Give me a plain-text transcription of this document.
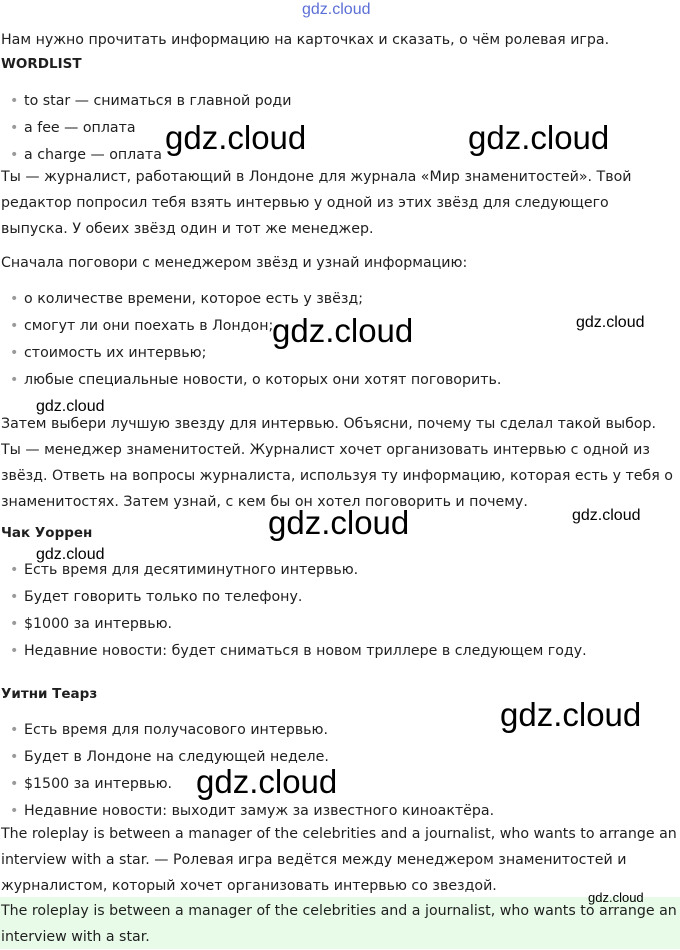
gdz.cloud

Нам нужно прочитать информацию на карточках и сказать, о чём ролевая игра.

WORDLIST

• to star — сниматься в главной роди
• a fee — оплата
• a charge — оплата

Ты — журналист, работающий в Лондоне для журнала «Мир знаменитостей». Твой редактор попросил тебя взять интервью у одной из этих звёзд для следующего выпуска. У обеих звёзд один и тот же менеджер.

Сначала поговори с менеджером звёзд и узнай информацию:

• о количестве времени, которое есть у звёзд;
• смогут ли они поехать в Лондон;
• стоимость их интервью;
• любые специальные новости, о которых они хотят поговорить.

Затем выбери лучшую звезду для интервью. Объясни, почему ты сделал такой выбор.

Ты — менеджер знаменитостей. Журналист хочет организовать интервью с одной из звёзд. Ответь на вопросы журналиста, используя ту информацию, которая есть у тебя о знаменитостях. Затем узнай, с кем бы он хотел поговорить и почему.

Чак Уоррен

• Есть время для десятиминутного интервью.
• Будет говорить только по телефону.
• $1000 за интервью.
• Недавние новости: будет сниматься в новом триллере в следующем году.

Уитни Теарз

• Есть время для получасового интервью.
• Будет в Лондоне на следующей неделе.
• $1500 за интервью.
• Недавние новости: выходит замуж за известного киноактёра.

The roleplay is between a manager of the celebrities and a journalist, who wants to arrange an interview with a star. — Ролевая игра ведётся между менеджером знаменитостей и журналистом, который хочет организовать интервью со звездой.

The roleplay is between a manager of the celebrities and a journalist, who wants to arrange an interview with a star.

gdz.cloud	gdz.cloud
gdz.cloud	gdz.cloud
gdz.cloud
gdz.cloud	gdz.cloud
gdz.cloud
gdz.cloud
gdz.cloud
gdz.cloud
